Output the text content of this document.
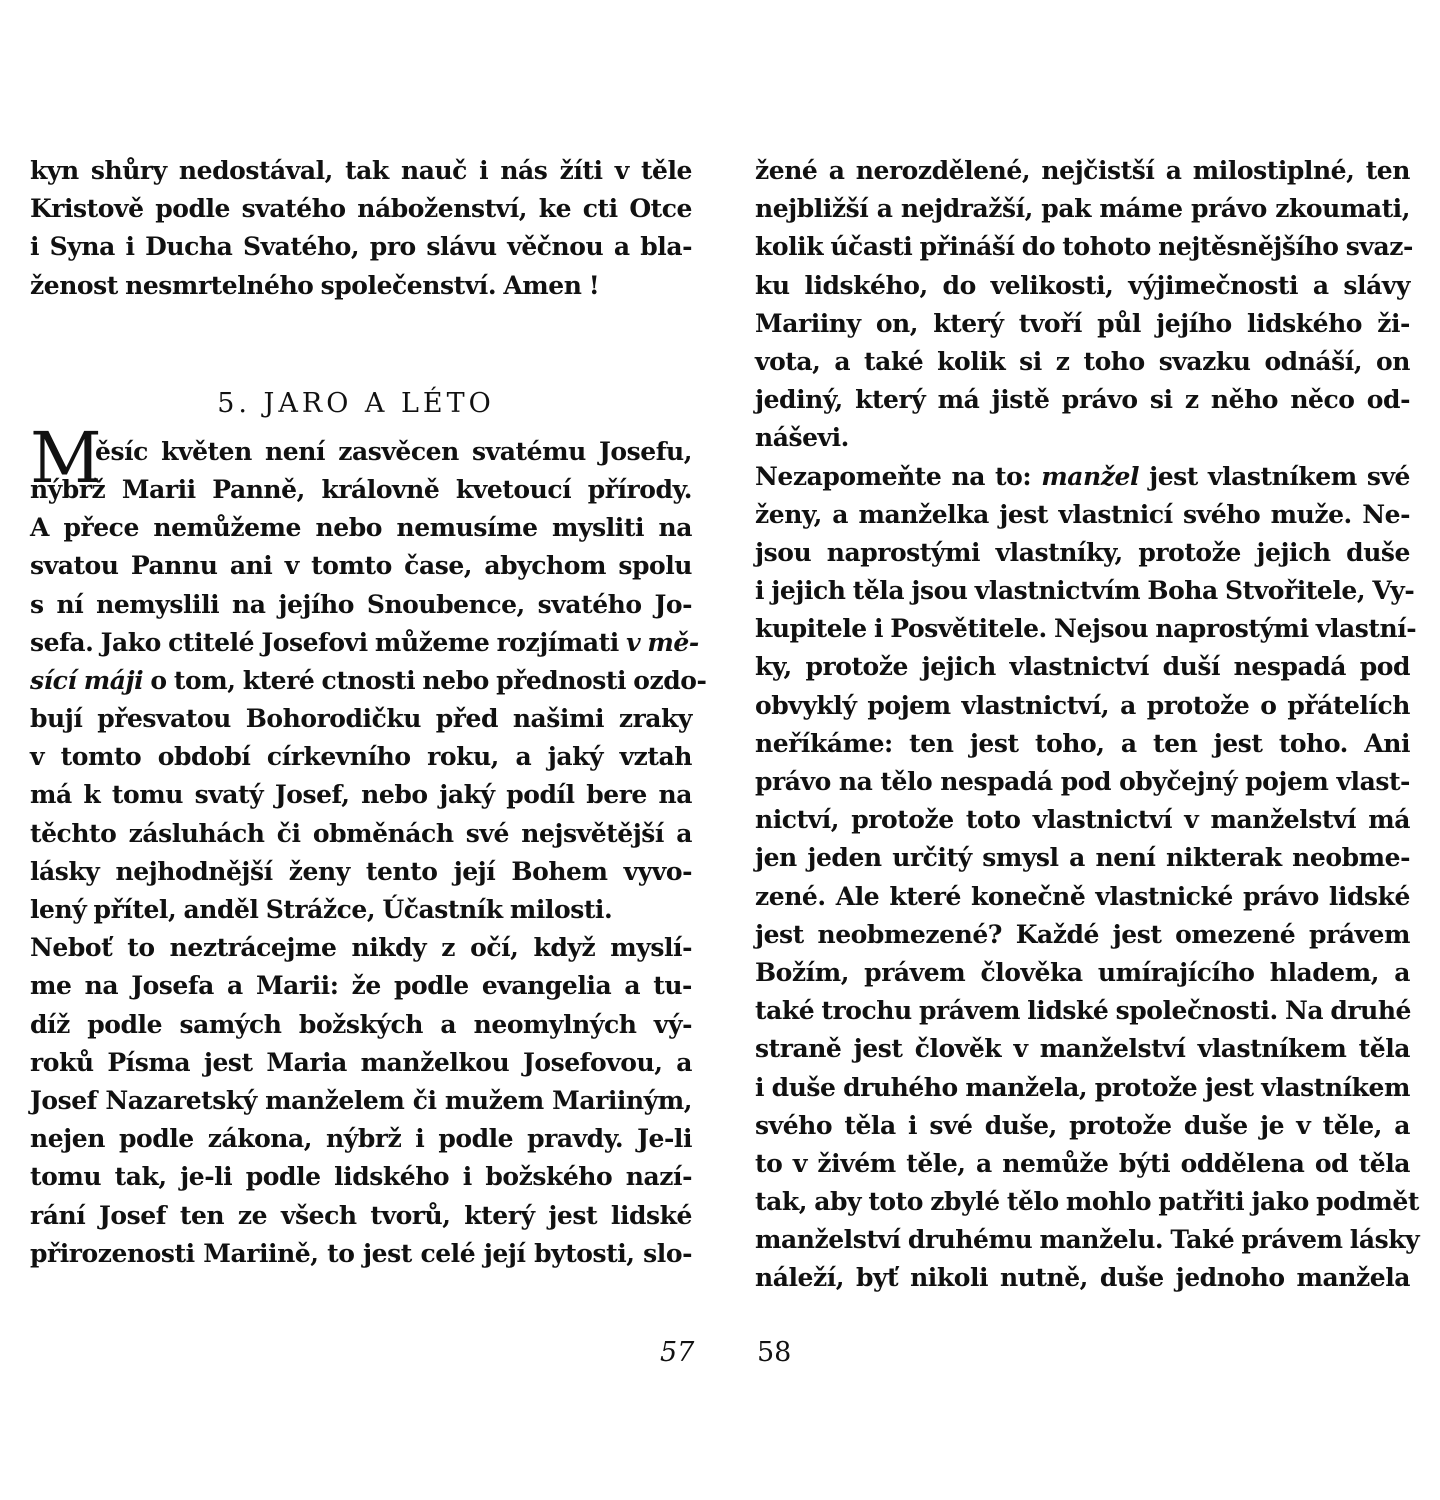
kyn shůry nedostával, tak nauč i nás žíti v těle
Kristově podle svatého náboženství, ke cti Otce
i Syna i Ducha Svatého, pro slávu věčnou a bla-
ženost nesmrtelného společenství. Amen !
5. JARO A LÉTO
M
ěsíc květen není zasvěcen svatému Josefu,
nýbrž Marii Panně, královně kvetoucí přírody.
A přece nemůžeme nebo nemusíme mysliti na
svatou Pannu ani v tomto čase, abychom spolu
s ní nemyslili na jejího Snoubence, svatého Jo-
sefa. Jako ctitelé Josefovi můžeme rozjímati v mě-
sící máji o tom, které ctnosti nebo přednosti ozdo-
bují přesvatou Bohorodičku před našimi zraky
v tomto období církevního roku, a jaký vztah
má k tomu svatý Josef, nebo jaký podíl bere na
těchto zásluhách či obměnách své nejsvětější a
lásky nejhodnější ženy tento její Bohem vyvo-
lený přítel, anděl Strážce, Účastník milosti.
Neboť to neztrácejme nikdy z očí, když myslí-
me na Josefa a Marii: že podle evangelia a tu-
díž podle samých božských a neomylných vý-
roků Písma jest Maria manželkou Josefovou, a
Josef Nazaretský manželem či mužem Mariiným,
nejen podle zákona, nýbrž i podle pravdy. Je-li
tomu tak, je-li podle lidského i božského nazí-
rání Josef ten ze všech tvorů, který jest lidské
přirozenosti Mariině, to jest celé její bytosti, slo-
57
žené a nerozdělené, nejčistší a milostiplné, ten
nejbližší a nejdražší, pak máme právo zkoumati,
kolik účasti přináší do tohoto nejtěsnějšího svaz-
ku lidského, do velikosti, výjimečnosti a slávy
Mariiny on, který tvoří půl jejího lidského ži-
vota, a také kolik si z toho svazku odnáší, on
jediný, který má jistě právo si z něho něco od-
náševi.
Nezapomeňte na to: manžel jest vlastníkem své
ženy, a manželka jest vlastnicí svého muže. Ne-
jsou naprostými vlastníky, protože jejich duše
i jejich těla jsou vlastnictvím Boha Stvořitele, Vy-
kupitele i Posvětitele. Nejsou naprostými vlastní-
ky, protože jejich vlastnictví duší nespadá pod
obvyklý pojem vlastnictví, a protože o přátelích
neříkáme: ten jest toho, a ten jest toho. Ani
právo na tělo nespadá pod obyčejný pojem vlast-
nictví, protože toto vlastnictví v manželství má
jen jeden určitý smysl a není nikterak neobme-
zené. Ale které konečně vlastnické právo lidské
jest neobmezené? Každé jest omezené právem
Božím, právem člověka umírajícího hladem, a
také trochu právem lidské společnosti. Na druhé
straně jest člověk v manželství vlastníkem těla
i duše druhého manžela, protože jest vlastníkem
svého těla i své duše, protože duše je v těle, a
to v živém těle, a nemůže býti oddělena od těla
tak, aby toto zbylé tělo mohlo patřiti jako podmět
manželství druhému manželu. Také právem lásky
náleží, byť nikoli nutně, duše jednoho manžela
58
